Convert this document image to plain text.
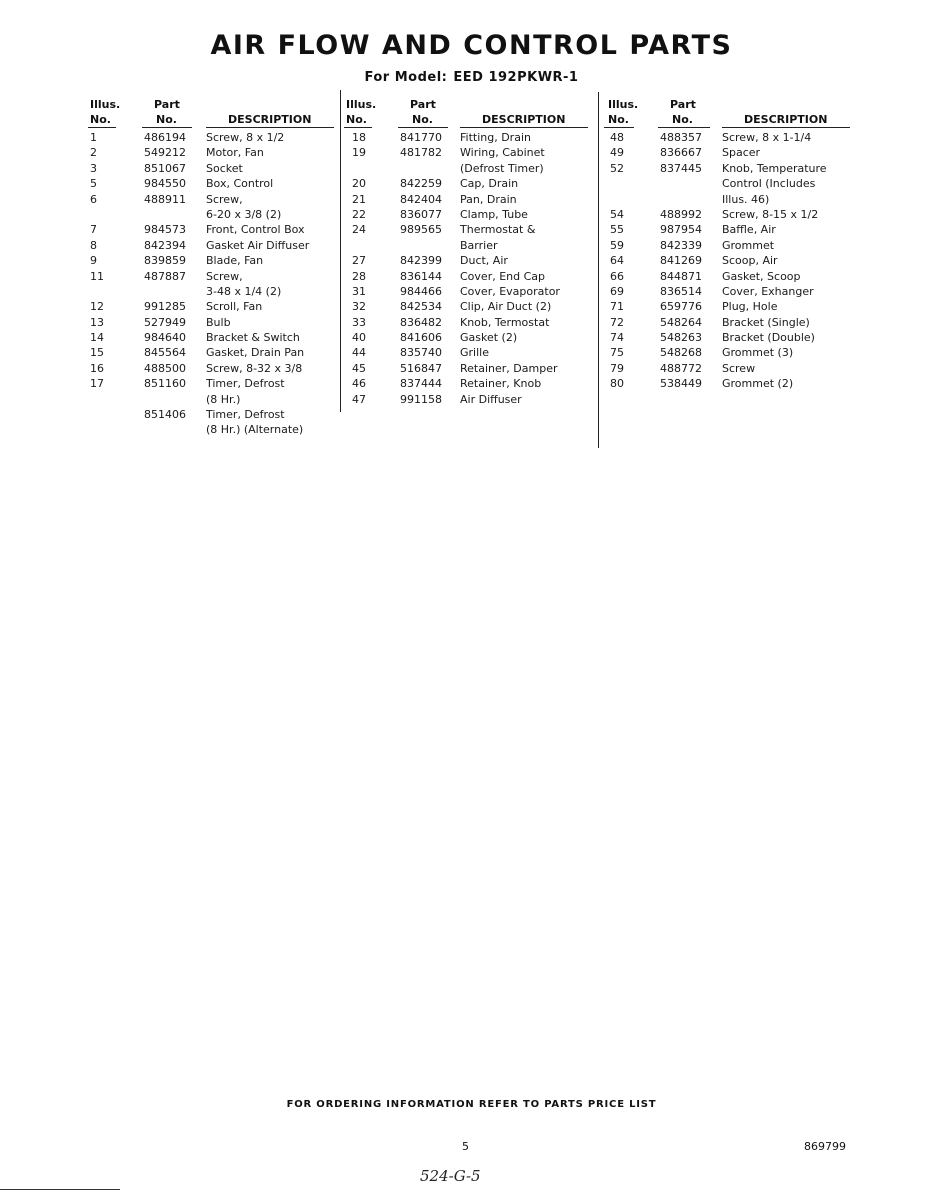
AIR FLOW AND CONTROL PARTS
For Model: EED 192PKWR-1
Illus.
No.
Part
No.	DESCRIPTION
1	486194 Screw, 8 x 1/2
2	549212 Motor, Fan
3	851067 Socket
5	984550 Box, Control
6	488911 Screw,
6-20 x 3/8 (2)
7	984573 Front, Control Box
8	842394 Gasket Air Diffuser
9	839859 Blade, Fan
11	487887 Screw,
3-48 x 1/4 (2)
12	991285 Scroll, Fan
13	527949 Bulb
14	984640 Bracket & Switch
15	845564 Gasket, Drain Pan
16	488500 Screw, 8-32 x 3/8
17	851160 Timer, Defrost
(8 Hr.)
851406 Timer, Defrost
(8 Hr.) (Alternate)
Illus.
No.
Part
No.	DESCRIPTION
18	841770 Fitting, Drain
19	481782 Wiring, Cabinet
(Defrost Timer)
20	842259 Cap, Drain
21	842404 Pan, Drain
22	836077 Clamp, Tube
24	989565 Thermostat &
Barrier
27	842399 Duct, Air
28	836144 Cover, End Cap
31	984466 Cover, Evaporator
32	842534 Clip, Air Duct (2)
33	836482 Knob, Termostat
40	841606 Gasket (2)
44	835740 Grille
45	516847 Retainer, Damper
46	837444 Retainer, Knob
47	991158 Air Diffuser
Illus.
No.
Part
No.	DESCRIPTION
48	488357 Screw, 8 x 1-1/4
49	836667 Spacer
52	837445 Knob, Temperature
Control (Includes
Illus. 46)
54	488992 Screw, 8-15 x 1/2
55	987954 Baffle, Air
59	842339 Grommet
64	841269 Scoop, Air
66	844871 Gasket, Scoop
69	836514 Cover, Exhanger
71	659776 Plug, Hole
72	548264 Bracket (Single)
74	548263 Bracket (Double)
75	548268 Grommet (3)
79	488772 Screw
80	538449 Grommet (2)
FOR ORDERING INFORMATION REFER TO PARTS PRICE LIST
5	869799
524-G-5
